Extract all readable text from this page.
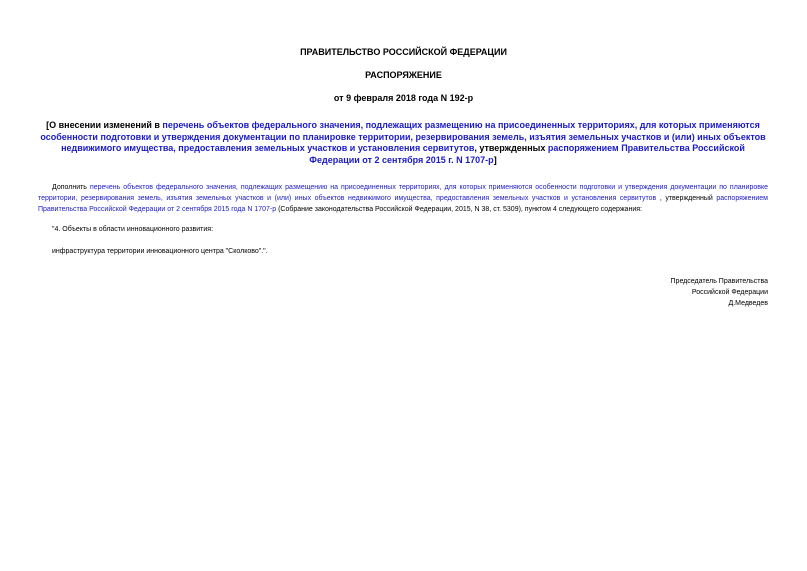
ПРАВИТЕЛЬСТВО РОССИЙСКОЙ ФЕДЕРАЦИИ
РАСПОРЯЖЕНИЕ
от 9 февраля 2018 года N 192-р
[О внесении изменений в перечень объектов федерального значения, подлежащих размещению на присоединенных территориях, для которых применяются особенности подготовки и утверждения документации по планировке территории, резервирования земель, изъятия земельных участков и (или) иных объектов недвижимого имущества, предоставления земельных участков и установления сервитутов, утвержденных распоряжением Правительства Российской Федерации от 2 сентября 2015 г. N 1707-р]
Дополнить перечень объектов федерального значения, подлежащих размещению на присоединенных территориях, для которых применяются особенности подготовки и утверждения документации по планировке территории, резервирования земель, изъятия земельных участков и (или) иных объектов недвижимого имущества, предоставления земельных участков и установления сервитутов , утвержденный распоряжением Правительства Российской Федерации от 2 сентября 2015 года N 1707-р (Собрание законодательства Российской Федерации, 2015, N 38, ст. 5309), пунктом 4 следующего содержания:
"4. Объекты в области инновационного развития:
инфраструктура территории инновационного центра "Сколково".".
Председатель Правительства
Российской Федерации
Д.Медведев
